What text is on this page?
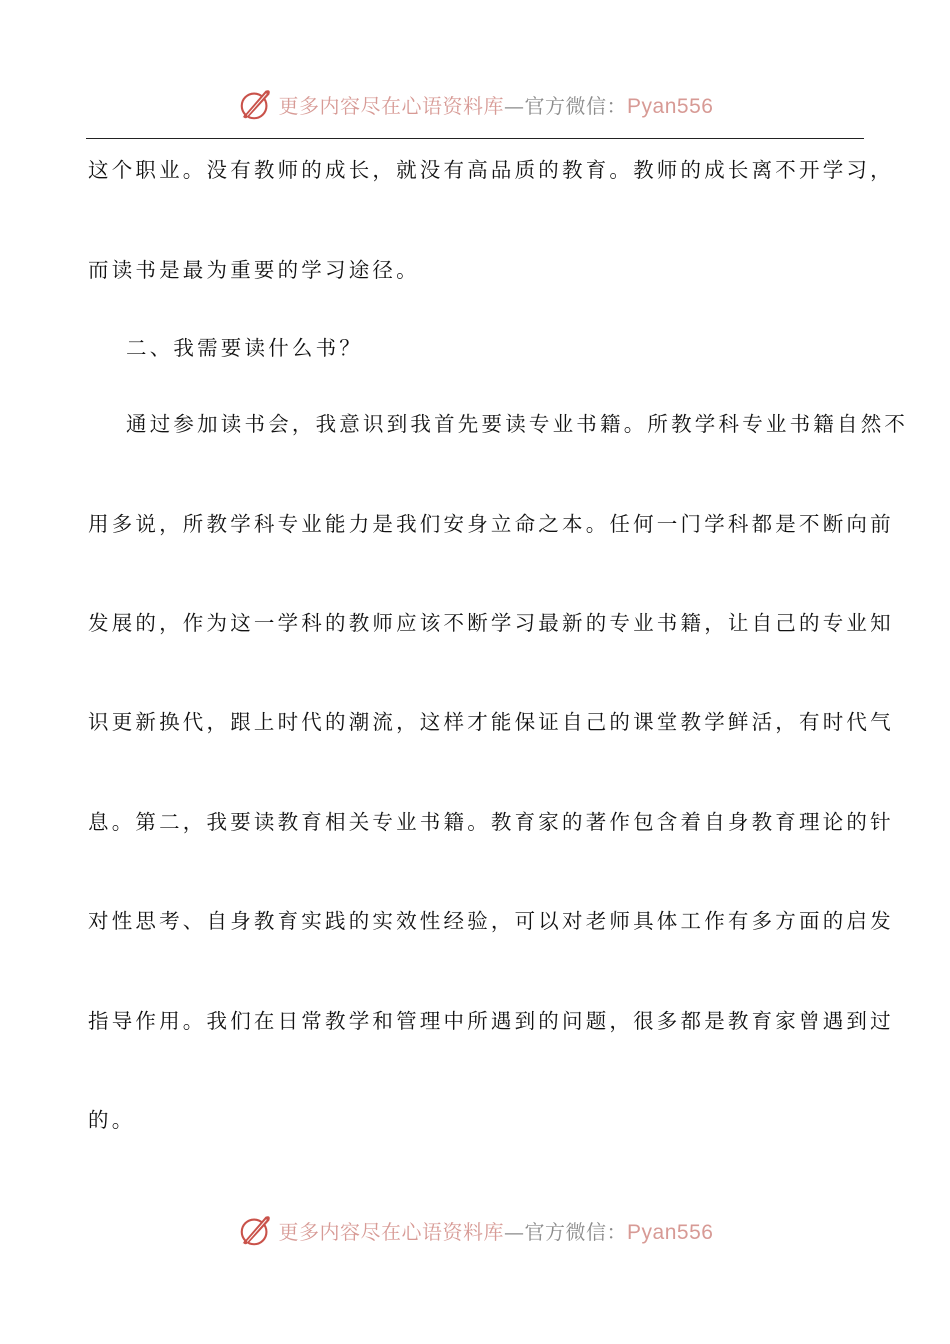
更多内容尽在心语资料库—官方微信：Pyan556
这个职业。没有教师的成长，就没有高品质的教育。教师的成长离不开学习，
而读书是最为重要的学习途径。
二、我需要读什么书？
通过参加读书会，我意识到我首先要读专业书籍。所教学科专业书籍自然不
用多说，所教学科专业能力是我们安身立命之本。任何一门学科都是不断向前
发展的，作为这一学科的教师应该不断学习最新的专业书籍，让自己的专业知
识更新换代，跟上时代的潮流，这样才能保证自己的课堂教学鲜活，有时代气
息。第二，我要读教育相关专业书籍。教育家的著作包含着自身教育理论的针
对性思考、自身教育实践的实效性经验，可以对老师具体工作有多方面的启发
指导作用。我们在日常教学和管理中所遇到的问题，很多都是教育家曾遇到过
的。
更多内容尽在心语资料库—官方微信：Pyan556
